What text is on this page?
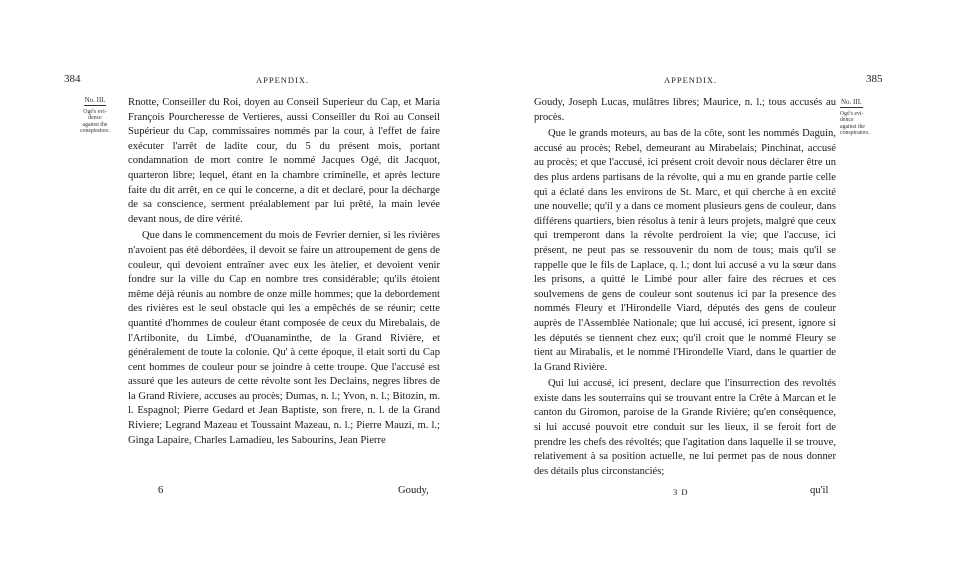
384	APPENDIX.
No. III.
Ogé's evi-
dence
against the
conspirators.

Rnotte, Conseiller du Roi, doyen au Conseil Superieur du Cap, et Maria François Pourcheresse de Vertieres, aussi Conseiller du Roi au Conseil Supérieur du Cap, commissaires nommés par la cour, à l'effet de faire exécuter l'arrêt de ladite cour, du 5 du présent mois, portant condamnation de mort contre le nommé Jacques Ogé, dit Jacquot, quarteron libre; lequel, étant en la chambre criminelle, et après lecture faite du dit arrêt, en ce qui le concerne, a dit et declaré, pour la décharge de sa conscience, serment préalablement par lui prêté, la main levée devant nous, de dire vérité.

Que dans le commencement du mois de Fevrier dernier, si les rivières n'avoient pas été débordées, il devoit se faire un attroupement de gens de couleur, qui devoient entraîner avec eux les àtelier, et devoient venir fondre sur la ville du Cap en nombre tres considérable; qu'ils étoient même déjà réunis au nombre de onze mille hommes; que la debordement des rivières est le seul obstacle qui les a empêchés de se réunir; cette quantité d'hommes de couleur étant composée de ceux du Mirebalais, de l'Artibonite, du Limbé, d'Ouanaminthe, de la Grand Rivière, et généralement de toute la colonie. Qu' à cette époque, il etait sorti du Cap cent hommes de couleur pour se joindre à cette troupe. Que l'accusé est assuré que les auteurs de cette révolte sont les Declains, negres libres de la Grand Riviere, accuses au procès; Dumas, n. l.; Yvon, n. l.; Bitozin, m. l. Espagnol; Pierre Gedard et Jean Baptiste, son frere, n. l. de la Grand Riviere; Legrand Mazeau et Toussaint Mazeau, n. l.; Pierre Mauzi, m. l.; Ginga Lapaire, Charles Lamadieu, les Sabourins, Jean Pierre

6	Goudy,
APPENDIX.	385
No. III.
Ogé's evi-
dence
against the
conspirators.

Goudy, Joseph Lucas, mulâtres libres; Maurice, n. l.; tous accusés au procès.

Que le grands moteurs, au bas de la côte, sont les nommés Daguin, accusé au procès; Rebel, demeurant au Mirabelais; Pinchinat, accusé au procès; et que l'accusé, ici présent croit devoir nous déclarer être un des plus ardens partisans de la révolte, qui a mu en grande partie celle qui a éclaté dans les environs de St. Marc, et qui cherche à en excité une nouvelle; qu'il y a dans ce moment plusieurs gens de couleur, dans différens quartiers, bien résolus à tenir à leurs projets, malgré que ceux qui tremperont dans la révolte perdroient la vie; que l'accuse, ici présent, ne peut pas se ressouvenir du nom de tous; mais qu'il se rappelle que le fils de Laplace, q. l.; dont lui accusé a vu la sœur dans les prisons, a quitté le Limbé pour aller faire des récrues et ces soulvemens de gens de couleur sont soutenus ici par la presence des nommés Fleury et l'Hirondelle Viard, députés des gens de couleur auprès de l'Assemblée Nationale; que lui accusé, ici present, ignore si les députés se tiennent chez eux; qu'il croit que le nommé Fleury se tient au Mirabalis, et le nommé l'Hirondelle Viard, dans le quartier de la Grand Rivière.

Qui lui accusé, ici present, declare que l'insurrection des revoltés existe dans les souterrains qui se trouvant entre la Crête à Marcan et le canton du Giromon, paroise de la Grande Rivière; qu'en consèquence, si lui accusé pouvoit etre conduit sur les lieux, il se feroit fort de prendre les chefs des révoltés; que l'agitation dans laquelle il se trouve, relativement à sa position actuelle, ne lui permet pas de nous donner des détails plus circonstanciés;

3 D	qu'il
